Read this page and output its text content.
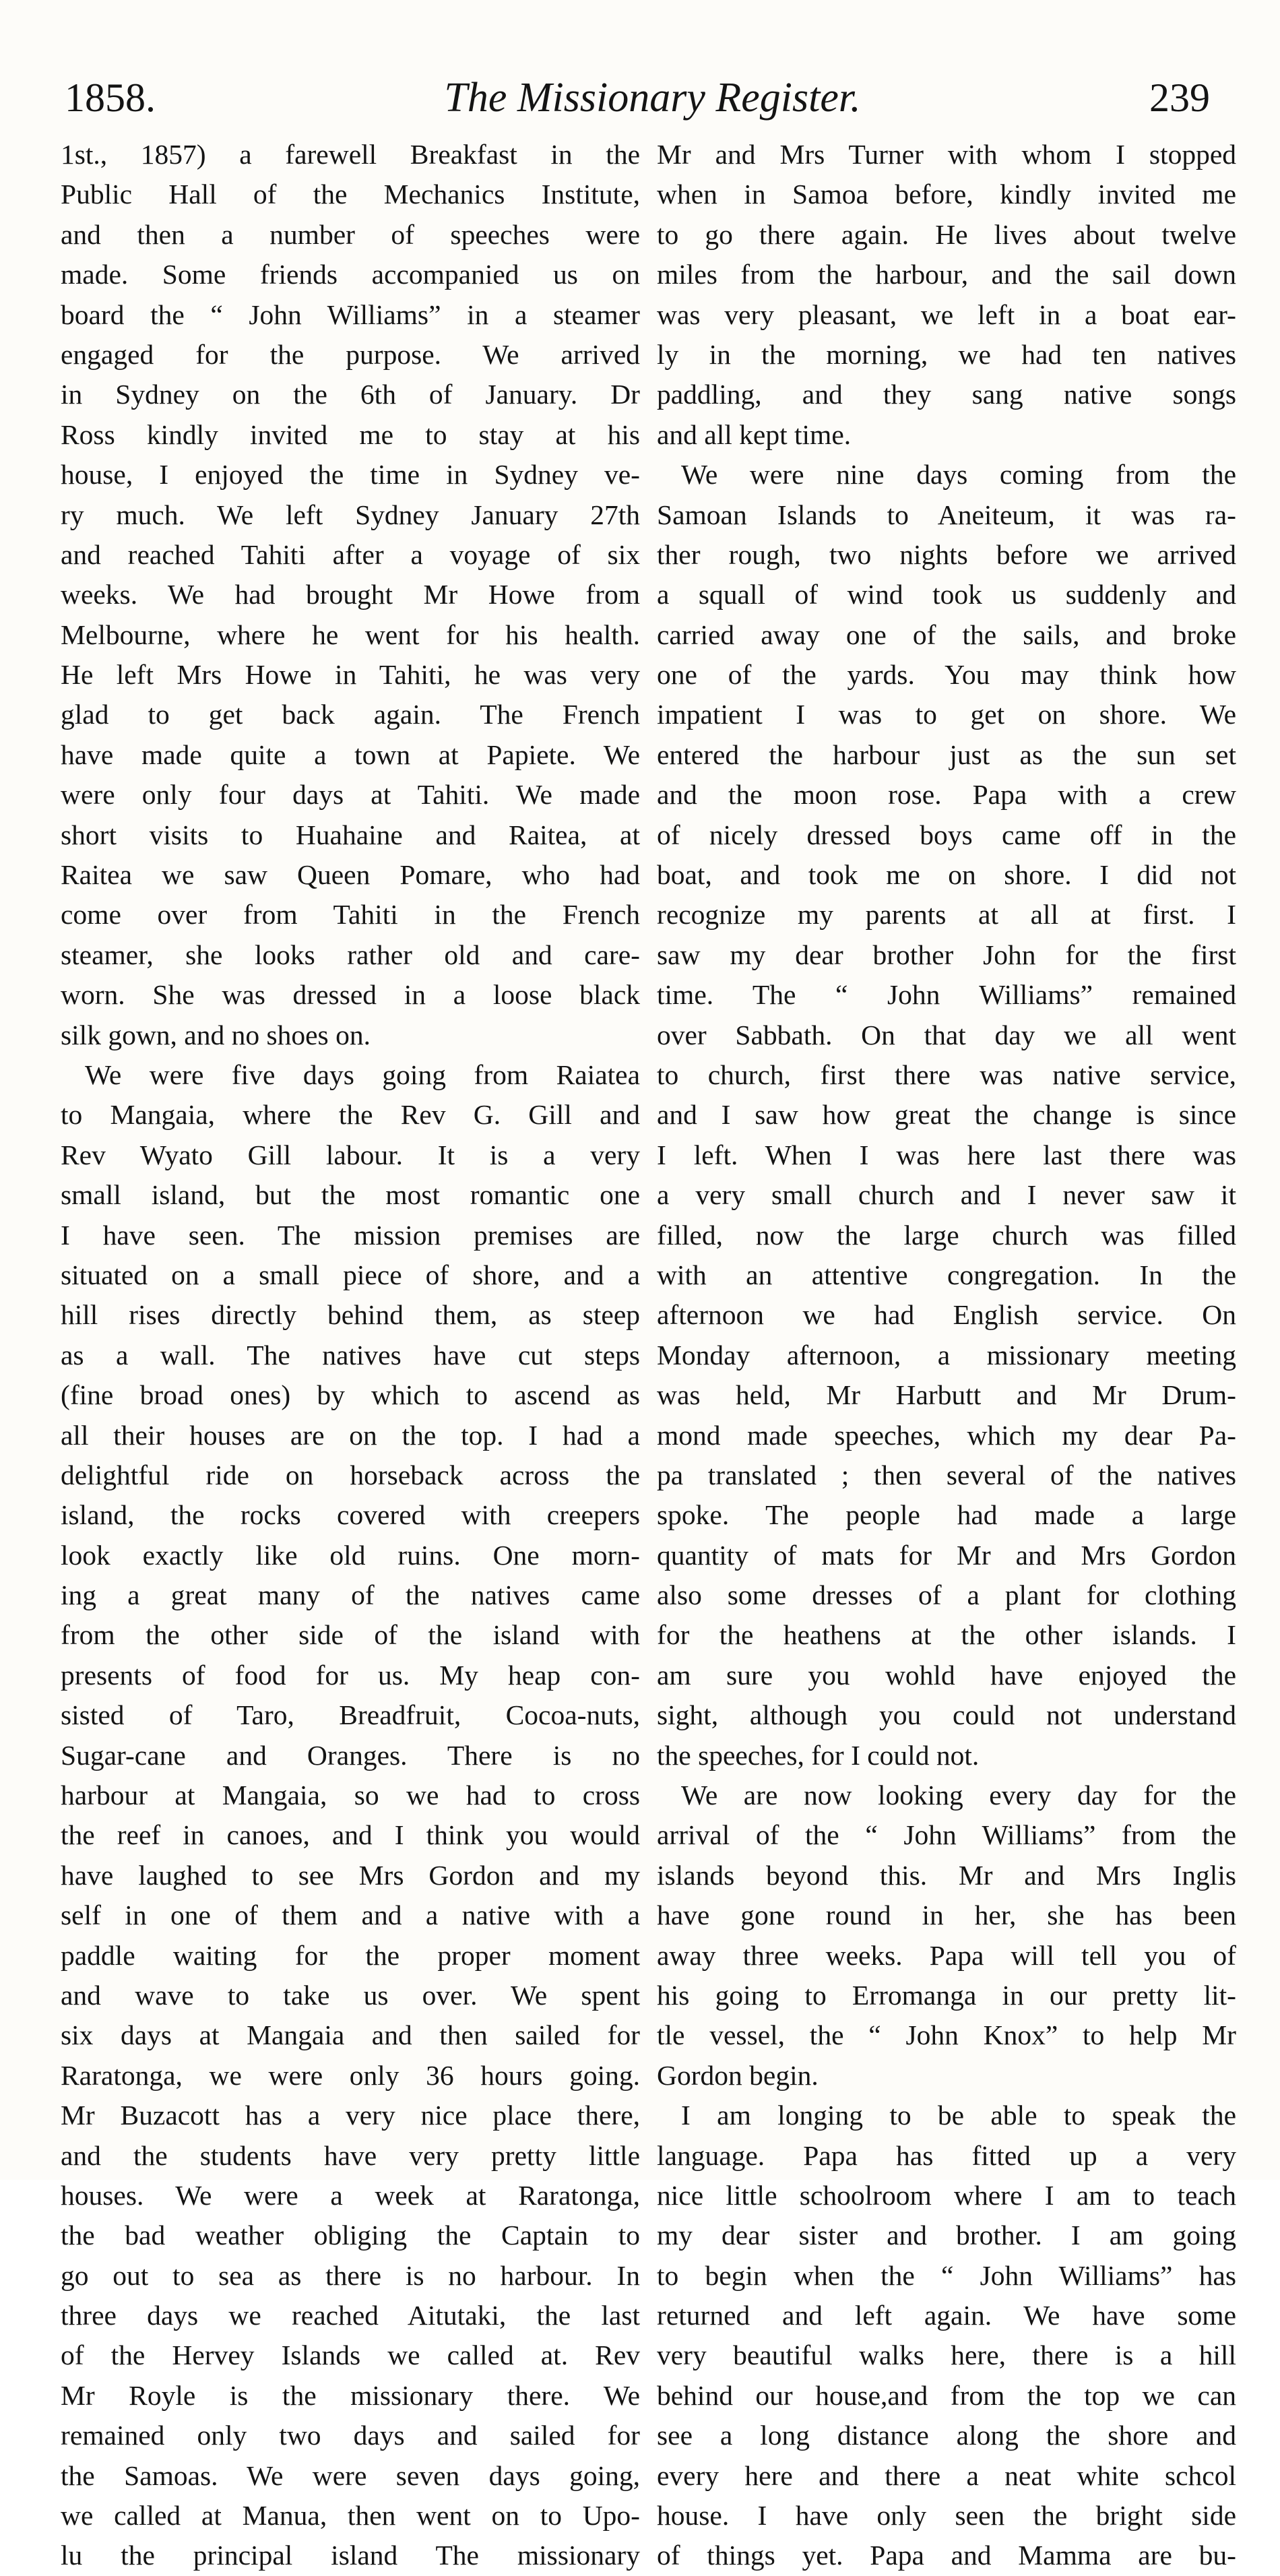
1858.	The Missionary Register.	239
1st., 1857) a farewell Breakfast in the
Public Hall of the Mechanics Institute,
and then a number of speeches were
made. Some friends accompanied us on
board the “ John Williams” in a steamer
engaged for the purpose. We arrived
in Sydney on the 6th of January. Dr
Ross kindly invited me to stay at his
house, I enjoyed the time in Sydney ve-
ry much. We left Sydney January 27th
and reached Tahiti after a voyage of six
weeks. We had brought Mr Howe from
Melbourne, where he went for his health.
He left Mrs Howe in Tahiti, he was very
glad to get back again. The French
have made quite a town at Papiete. We
were only four days at Tahiti. We made
short visits to Huahaine and Raitea, at
Raitea we saw Queen Pomare, who had
come over from Tahiti in the French
steamer, she looks rather old and care-
worn. She was dressed in a loose black
silk gown, and no shoes on.
We were five days going from Raiatea
to Mangaia, where the Rev G. Gill and
Rev Wyato Gill labour. It is a very
small island, but the most romantic one
I have seen. The mission premises are
situated on a small piece of shore, and a
hill rises directly behind them, as steep
as a wall. The natives have cut steps
(fine broad ones) by which to ascend as
all their houses are on the top. I had a
delightful ride on horseback across the
island, the rocks covered with creepers
look exactly like old ruins. One morn-
ing a great many of the natives came
from the other side of the island with
presents of food for us. My heap con-
sisted of Taro, Breadfruit, Cocoa-nuts,
Sugar-cane and Oranges. There is no
harbour at Mangaia, so we had to cross
the reef in canoes, and I think you would
have laughed to see Mrs Gordon and my
self in one of them and a native with a
paddle waiting for the proper moment
and wave to take us over. We spent
six days at Mangaia and then sailed for
Raratonga, we were only 36 hours going.
Mr Buzacott has a very nice place there,
and the students have very pretty little
houses. We were a week at Raratonga,
the bad weather obliging the Captain to
go out to sea as there is no harbour. In
three days we reached Aitutaki, the last
of the Hervey Islands we called at. Rev
Mr Royle is the missionary there. We
remained only two days and sailed for
the Samoas. We were seven days going,
we called at Manua, then went on to Upo-
lu the principal island The missionary
Mr and Mrs Turner with whom I stopped
when in Samoa before, kindly invited me
to go there again. He lives about twelve
miles from the harbour, and the sail down
was very pleasant, we left in a boat ear-
ly in the morning, we had ten natives
paddling, and they sang native songs
and all kept time.
We were nine days coming from the
Samoan Islands to Aneiteum, it was ra-
ther rough, two nights before we arrived
a squall of wind took us suddenly and
carried away one of the sails, and broke
one of the yards. You may think how
impatient I was to get on shore. We
entered the harbour just as the sun set
and the moon rose. Papa with a crew
of nicely dressed boys came off in the
boat, and took me on shore. I did not
recognize my parents at all at first. I
saw my dear brother John for the first
time. The “ John Williams” remained
over Sabbath. On that day we all went
to church, first there was native service,
and I saw how great the change is since
I left. When I was here last there was
a very small church and I never saw it
filled, now the large church was filled
with an attentive congregation. In the
afternoon we had English service. On
Monday afternoon, a missionary meeting
was held, Mr Harbutt and Mr Drum-
mond made speeches, which my dear Pa-
pa translated ; then several of the natives
spoke. The people had made a large
quantity of mats for Mr and Mrs Gordon
also some dresses of a plant for clothing
for the heathens at the other islands. I
am sure you wohld have enjoyed the
sight, although you could not understand
the speeches, for I could not.
We are now looking every day for the
arrival of the “ John Williams” from the
islands beyond this. Mr and Mrs Inglis
have gone round in her, she has been
away three weeks. Papa will tell you of
his going to Erromanga in our pretty lit-
tle vessel, the “ John Knox” to help Mr
Gordon begin.
I am longing to be able to speak the
language. Papa has fitted up a very
nice little schoolroom where I am to teach
my dear sister and brother. I am going
to begin when the “ John Williams” has
returned and left again. We have some
very beautiful walks here, there is a hill
behind our house,and from the top we can
see a long distance along the shore and
every here and there a neat white schcol
house. I have only seen the bright side
of things yet. Papa and Mamma are bu-
